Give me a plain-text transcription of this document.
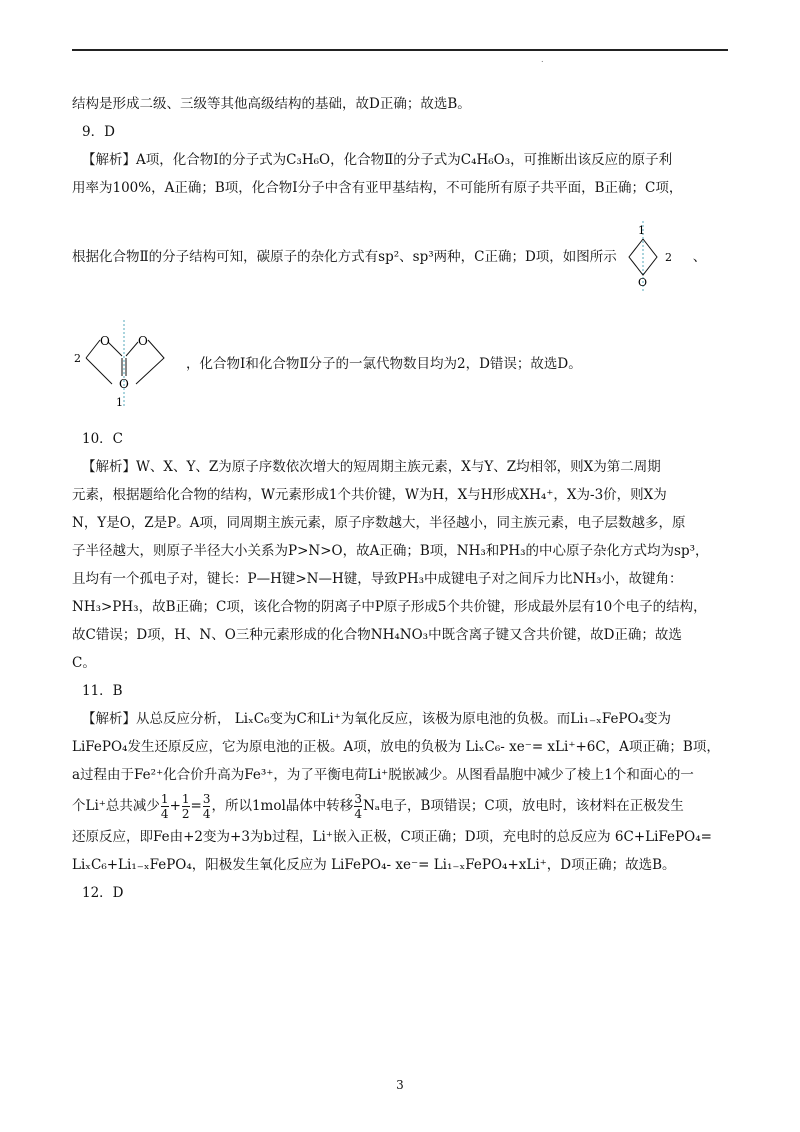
.
结构是形成二级、三级等其他高级结构的基础，故D正确；故选B。
9．D
【解析】A项，化合物Ⅰ的分子式为C₃H₆O，化合物Ⅱ的分子式为C₄H₆O₃，可推断出该反应的原子利
用率为100%，A正确；B项，化合物Ⅰ分子中含有亚甲基结构，不可能所有原子共平面，B正确；C项，
根据化合物Ⅱ的分子结构可知，碳原子的杂化方式有sp²、sp³两种，C正确；D项，如图所示
1
2
O
、
O O
O
2
1
，化合物Ⅰ和化合物Ⅱ分子的一氯代物数目均为2，D错误；故选D。
10．C
【解析】W、X、Y、Z为原子序数依次增大的短周期主族元素，X与Y、Z均相邻，则X为第二周期
元素，根据题给化合物的结构，W元素形成1个共价键，W为H，X与H形成XH₄⁺，X为-3价，则X为
N，Y是O，Z是P。A项，同周期主族元素，原子序数越大，半径越小，同主族元素，电子层数越多，原
子半径越大，则原子半径大小关系为P>N>O，故A正确；B项，NH₃和PH₃的中心原子杂化方式均为sp³，
且均有一个孤电子对，键长：P—H键>N—H键，导致PH₃中成键电子对之间斥力比NH₃小，故键角：
NH₃>PH₃，故B正确；C项，该化合物的阴离子中P原子形成5个共价键，形成最外层有10个电子的结构，
故C错误；D项，H、N、O三种元素形成的化合物NH₄NO₃中既含离子键又含共价键，故D正确；故选
C。
11．B
【解析】从总反应分析， LiₓC₆变为C和Li⁺为氧化反应，该极为原电池的负极。而Li₁₋ₓFePO₄变为
LiFePO₄发生还原反应，它为原电池的正极。A项，放电的负极为 LiₓC₆- xe⁻= xLi⁺+6C，A项正确；B项，
a过程由于Fe²⁺化合价升高为Fe³⁺，为了平衡电荷Li⁺脱嵌减少。从图看晶胞中减少了棱上1个和面心的一
个Li⁺总共减少 $\frac{1}{4} + \frac{1}{2} = \frac{3}{4}$ ，所以1mol晶体中转移 $\frac{3}{4}$ Nₐ电子，B项错误；C项，放电时，该材料在正极发生
还原反应，即Fe由+2变为+3为b过程，Li⁺嵌入正极，C项正确；D项，充电时的总反应为 6C+LiFePO₄=
LiₓC₆+Li₁₋ₓFePO₄，阳极发生氧化反应为 LiFePO₄- xe⁻= Li₁₋ₓFePO₄+xLi⁺，D项正确；故选B。
12．D
3
